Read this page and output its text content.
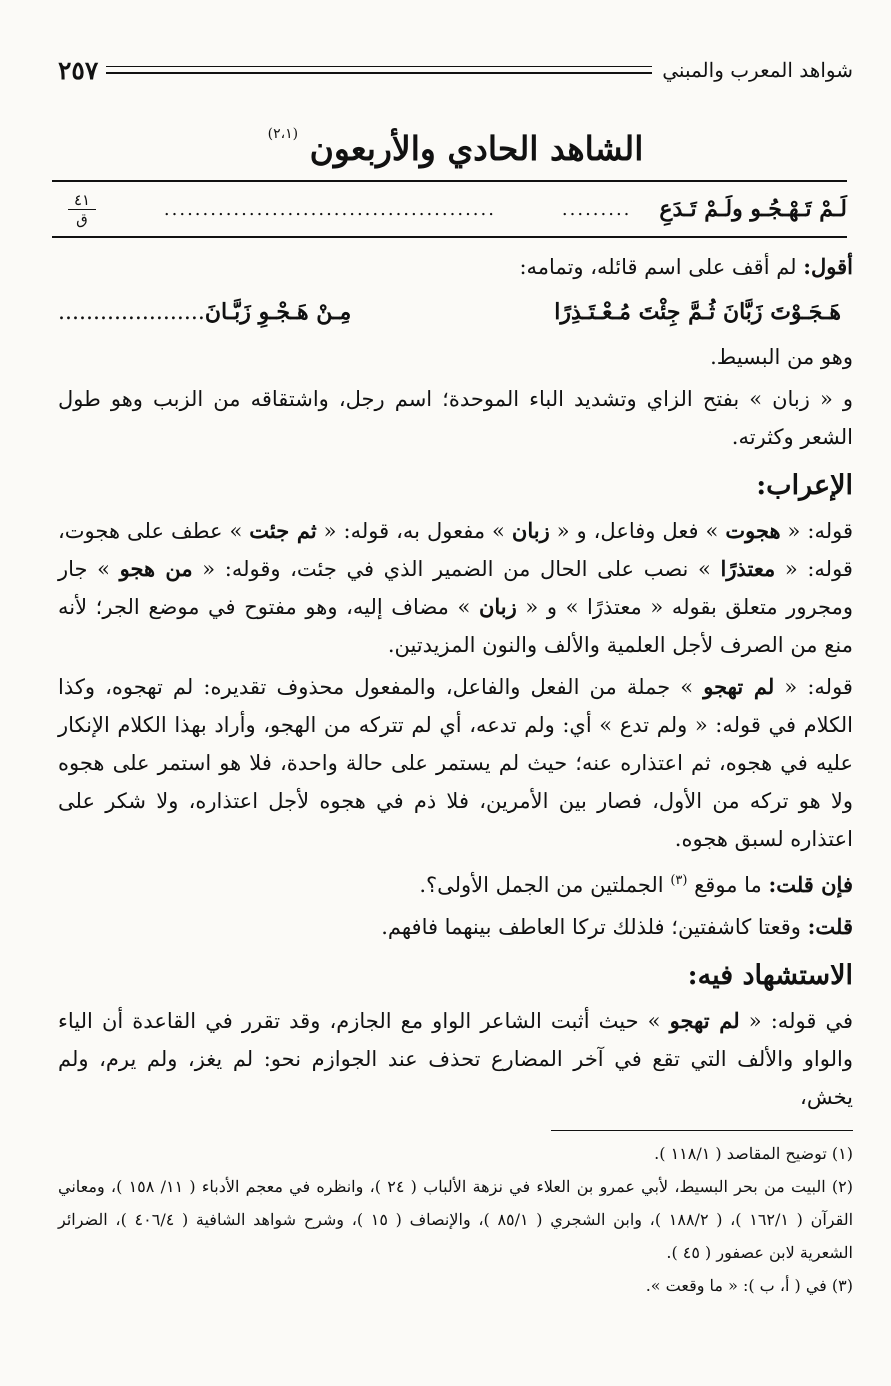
شواهد المعرب والمبني
٢٥٧
الشاهد الحادي والأربعون $^{(٢،١)}$
لَـمْ تَـهْـجُـو ولَـمْ تَـدَعِ
.........
...........................................
٤١
ق

أقول: لم أقف على اسم قائله، وتمامه:

هَـجَـوْتَ زَبَّانَ ثُـمَّ جِئْتَ مُـعْـتَـذِرًا
مِـنْ هَـجْـوِ زَبَّـانَ.....................

وهو من البسيط.

و « زبان » بفتح الزاي وتشديد الباء الموحدة؛ اسم رجل، واشتقاقه من الزبب وهو طول الشعر وكثرته.

الإعراب:

قوله: « هجوت » فعل وفاعل، و « زبان » مفعول به، قوله: « ثم جئت » عطف على هجوت، قوله: « معتذرًا » نصب على الحال من الضمير الذي في جئت، وقوله: « من هجو » جار ومجرور متعلق بقوله « معتذرًا » و « زبان » مضاف إليه، وهو مفتوح في موضع الجر؛ لأنه منع من الصرف لأجل العلمية والألف والنون المزيدتين.

قوله: « لم تهجو » جملة من الفعل والفاعل، والمفعول محذوف تقديره: لم تهجوه، وكذا الكلام في قوله: « ولم تدع » أي: ولم تدعه، أي لم تتركه من الهجو، وأراد بهذا الكلام الإنكار عليه في هجوه، ثم اعتذاره عنه؛ حيث لم يستمر على حالة واحدة، فلا هو استمر على هجوه ولا هو تركه من الأول، فصار بين الأمرين، فلا ذم في هجوه لأجل اعتذاره، ولا شكر على اعتذاره لسبق هجوه.

فإن قلت: ما موقع $^{(٣)}$ الجملتين من الجمل الأولى؟.

قلت: وقعتا كاشفتين؛ فلذلك تركا العاطف بينهما فافهم.

الاستشهاد فيه:

في قوله: « لم تهجو » حيث أثبت الشاعر الواو مع الجازم، وقد تقرر في القاعدة أن الياء والواو والألف التي تقع في آخر المضارع تحذف عند الجوازم نحو: لم يغز، ولم يرم، ولم يخش،

(١) توضيح المقاصد ( ١١٨/١ ).

(٢) البيت من بحر البسيط، لأبي عمرو بن العلاء في نزهة الألباب ( ٢٤ )، وانظره في معجم الأدباء ( ١١/ ١٥٨ )، ومعاني القرآن ( ١٦٢/١ )، ( ١٨٨/٢ )، وابن الشجري ( ٨٥/١ )، والإنصاف ( ١٥ )، وشرح شواهد الشافية ( ٤٠٦/٤ )، الضرائر الشعرية لابن عصفور ( ٤٥ ).

(٣) في ( أ، ب ): « ما وقعت ».
